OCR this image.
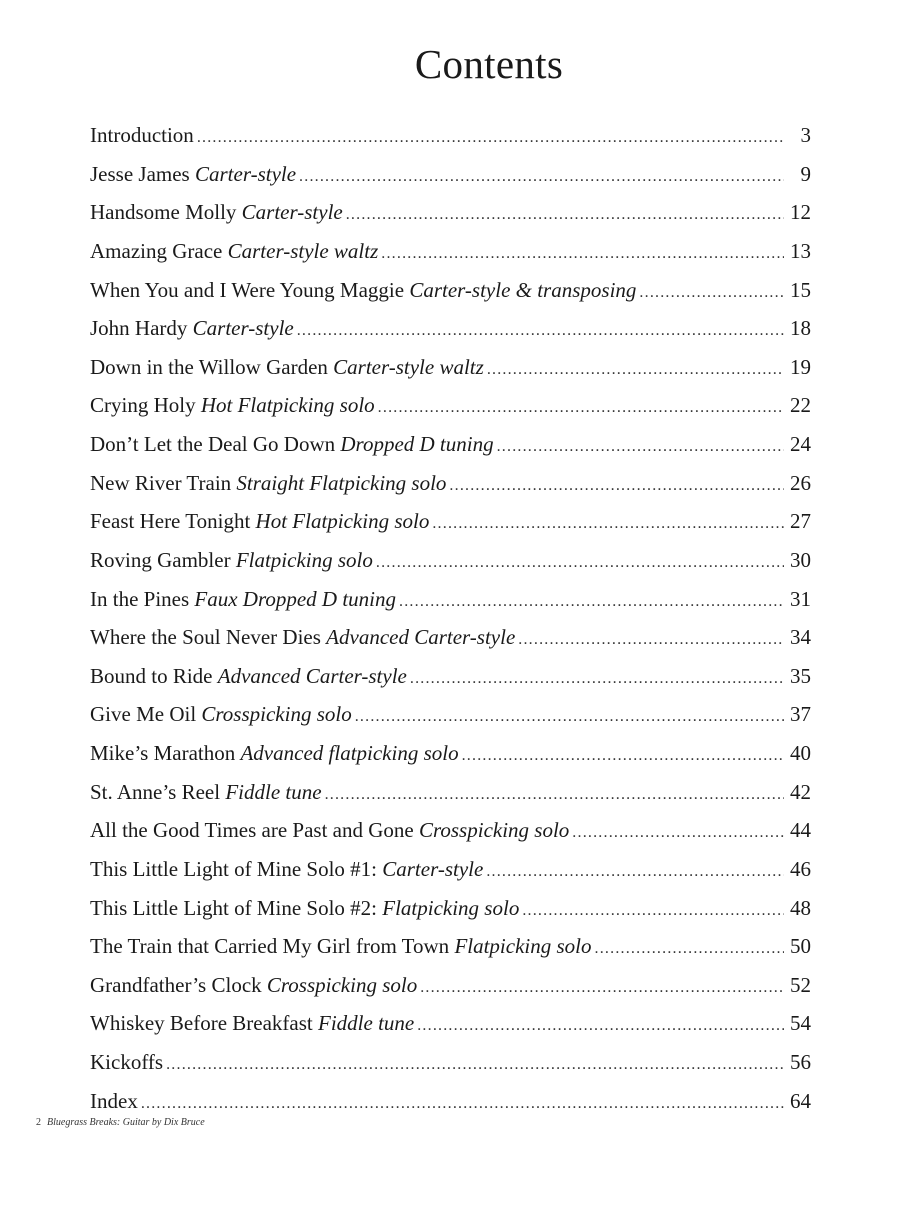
Contents
Introduction .....	3
Jesse James Carter-style .....	9
Handsome Molly Carter-style .....	12
Amazing Grace Carter-style waltz .....	13
When You and I Were Young Maggie Carter-style & transposing .....	15
John Hardy Carter-style .....	18
Down in the Willow Garden Carter-style waltz .....	19
Crying Holy Hot Flatpicking solo .....	22
Don’t Let the Deal Go Down Dropped D tuning .....	24
New River Train Straight Flatpicking solo .....	26
Feast Here Tonight Hot Flatpicking solo .....	27
Roving Gambler Flatpicking solo .....	30
In the Pines Faux Dropped D tuning .....	31
Where the Soul Never Dies Advanced Carter-style .....	34
Bound to Ride Advanced Carter-style .....	35
Give Me Oil Crosspicking solo .....	37
Mike’s Marathon Advanced flatpicking solo .....	40
St. Anne’s Reel Fiddle tune .....	42
All the Good Times are Past and Gone Crosspicking solo .....	44
This Little Light of Mine Solo #1: Carter-style .....	46
This Little Light of Mine Solo #2: Flatpicking solo .....	48
The Train that Carried My Girl from Town Flatpicking solo .....	50
Grandfather’s Clock Crosspicking solo .....	52
Whiskey Before Breakfast Fiddle tune .....	54
Kickoffs .....	56
Index .....	64
2 Bluegrass Breaks: Guitar by Dix Bruce
